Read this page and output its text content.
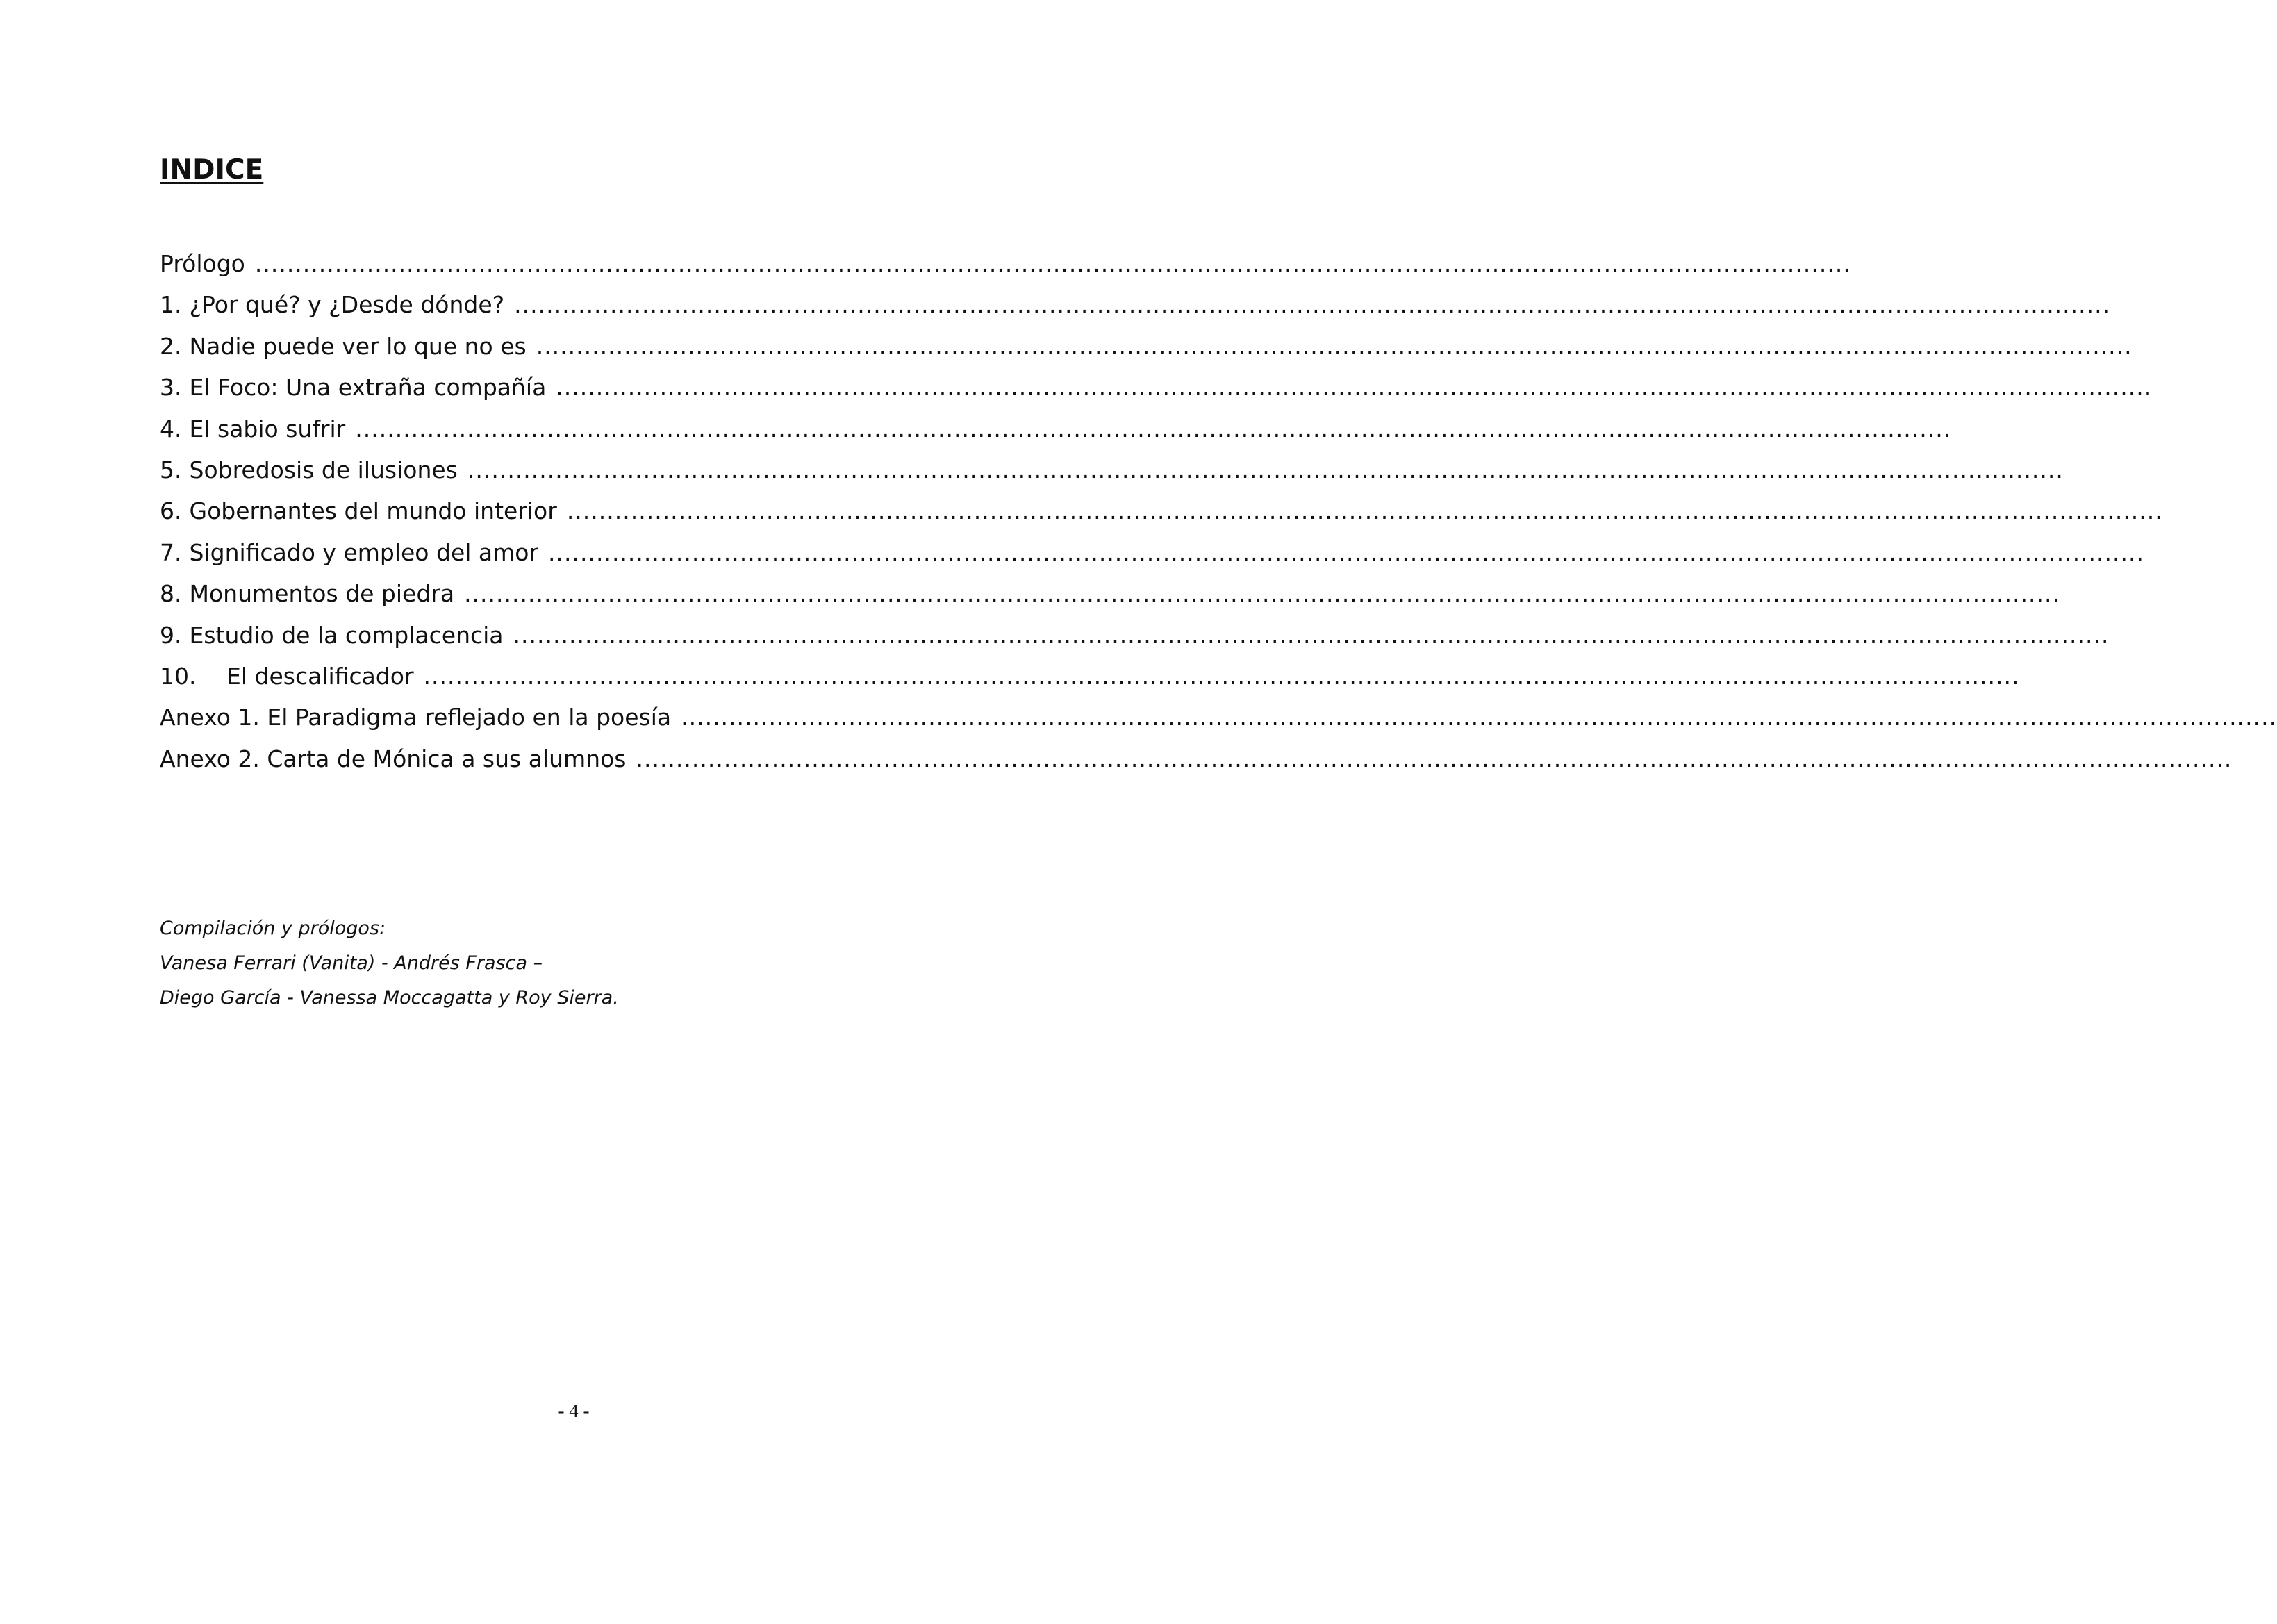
INDICE
Prólogo ........................................................................................................................................................................................................
1. ¿Por qué? y ¿Desde dónde? ........................................................................................................................................................................................................
2. Nadie puede ver lo que no es ........................................................................................................................................................................................................
3. El Foco: Una extraña compañía ........................................................................................................................................................................................................
4. El sabio sufrir ........................................................................................................................................................................................................
5. Sobredosis de ilusiones ........................................................................................................................................................................................................
6. Gobernantes del mundo interior ........................................................................................................................................................................................................
7. Significado y empleo del amor ........................................................................................................................................................................................................
8. Monumentos de piedra ........................................................................................................................................................................................................
9. Estudio de la complacencia ........................................................................................................................................................................................................
10.	El descalificador ........................................................................................................................................................................................................
Anexo 1. El Paradigma reflejado en la poesía ........................................................................................................................................................................................................
Anexo 2. Carta de Mónica a sus alumnos ........................................................................................................................................................................................................
Compilación y prólogos:
Vanesa Ferrari (Vanita) - Andrés Frasca –
Diego García - Vanessa Moccagatta y Roy Sierra.
- 4 -
